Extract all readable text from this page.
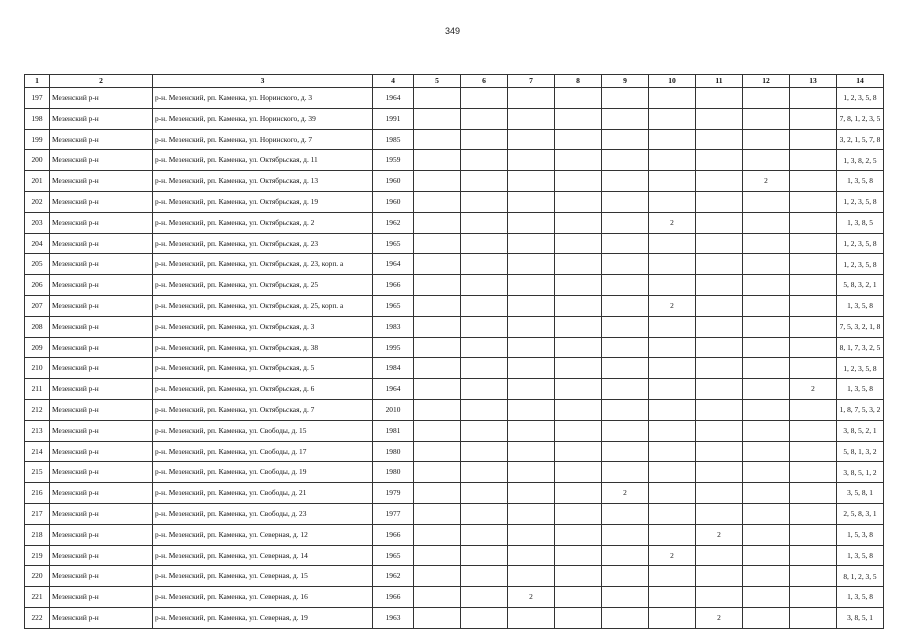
349
1	2	3	4	5	6	7	8	9	10	11	12	13	14
197	Мезенский р-н	р-н. Мезенский, рп. Каменка, ул. Норинского, д. 3	1964										1, 2, 3, 5, 8
198	Мезенский р-н	р-н. Мезенский, рп. Каменка, ул. Норинского, д. 39	1991										7, 8, 1, 2, 3, 5
199	Мезенский р-н	р-н. Мезенский, рп. Каменка, ул. Норинского, д. 7	1985										3, 2, 1, 5, 7, 8
200	Мезенский р-н	р-н. Мезенский, рп. Каменка, ул. Октябрьская, д. 11	1959										1, 3, 8, 2, 5
201	Мезенский р-н	р-н. Мезенский, рп. Каменка, ул. Октябрьская, д. 13	1960								2		1, 3, 5, 8
202	Мезенский р-н	р-н. Мезенский, рп. Каменка, ул. Октябрьская, д. 19	1960										1, 2, 3, 5, 8
203	Мезенский р-н	р-н. Мезенский, рп. Каменка, ул. Октябрьская, д. 2	1962						2				1, 3, 8, 5
204	Мезенский р-н	р-н. Мезенский, рп. Каменка, ул. Октябрьская, д. 23	1965										1, 2, 3, 5, 8
205	Мезенский р-н	р-н. Мезенский, рп. Каменка, ул. Октябрьская, д. 23, корп. а	1964										1, 2, 3, 5, 8
206	Мезенский р-н	р-н. Мезенский, рп. Каменка, ул. Октябрьская, д. 25	1966										5, 8, 3, 2, 1
207	Мезенский р-н	р-н. Мезенский, рп. Каменка, ул. Октябрьская, д. 25, корп. а	1965						2				1, 3, 5, 8
208	Мезенский р-н	р-н. Мезенский, рп. Каменка, ул. Октябрьская, д. 3	1983										7, 5, 3, 2, 1, 8
209	Мезенский р-н	р-н. Мезенский, рп. Каменка, ул. Октябрьская, д. 38	1995										8, 1, 7, 3, 2, 5
210	Мезенский р-н	р-н. Мезенский, рп. Каменка, ул. Октябрьская, д. 5	1984										1, 2, 3, 5, 8
211	Мезенский р-н	р-н. Мезенский, рп. Каменка, ул. Октябрьская, д. 6	1964									2	1, 3, 5, 8
212	Мезенский р-н	р-н. Мезенский, рп. Каменка, ул. Октябрьская, д. 7	2010										1, 8, 7, 5, 3, 2
213	Мезенский р-н	р-н. Мезенский, рп. Каменка, ул. Свободы, д. 15	1981										3, 8, 5, 2, 1
214	Мезенский р-н	р-н. Мезенский, рп. Каменка, ул. Свободы, д. 17	1980										5, 8, 1, 3, 2
215	Мезенский р-н	р-н. Мезенский, рп. Каменка, ул. Свободы, д. 19	1980										3, 8, 5, 1, 2
216	Мезенский р-н	р-н. Мезенский, рп. Каменка, ул. Свободы, д. 21	1979					2					3, 5, 8, 1
217	Мезенский р-н	р-н. Мезенский, рп. Каменка, ул. Свободы, д. 23	1977										2, 5, 8, 3, 1
218	Мезенский р-н	р-н. Мезенский, рп. Каменка, ул. Северная, д. 12	1966							2			1, 5, 3, 8
219	Мезенский р-н	р-н. Мезенский, рп. Каменка, ул. Северная, д. 14	1965						2				1, 3, 5, 8
220	Мезенский р-н	р-н. Мезенский, рп. Каменка, ул. Северная, д. 15	1962										8, 1, 2, 3, 5
221	Мезенский р-н	р-н. Мезенский, рп. Каменка, ул. Северная, д. 16	1966			2							1, 3, 5, 8
222	Мезенский р-н	р-н. Мезенский, рп. Каменка, ул. Северная, д. 19	1963							2			3, 8, 5, 1
